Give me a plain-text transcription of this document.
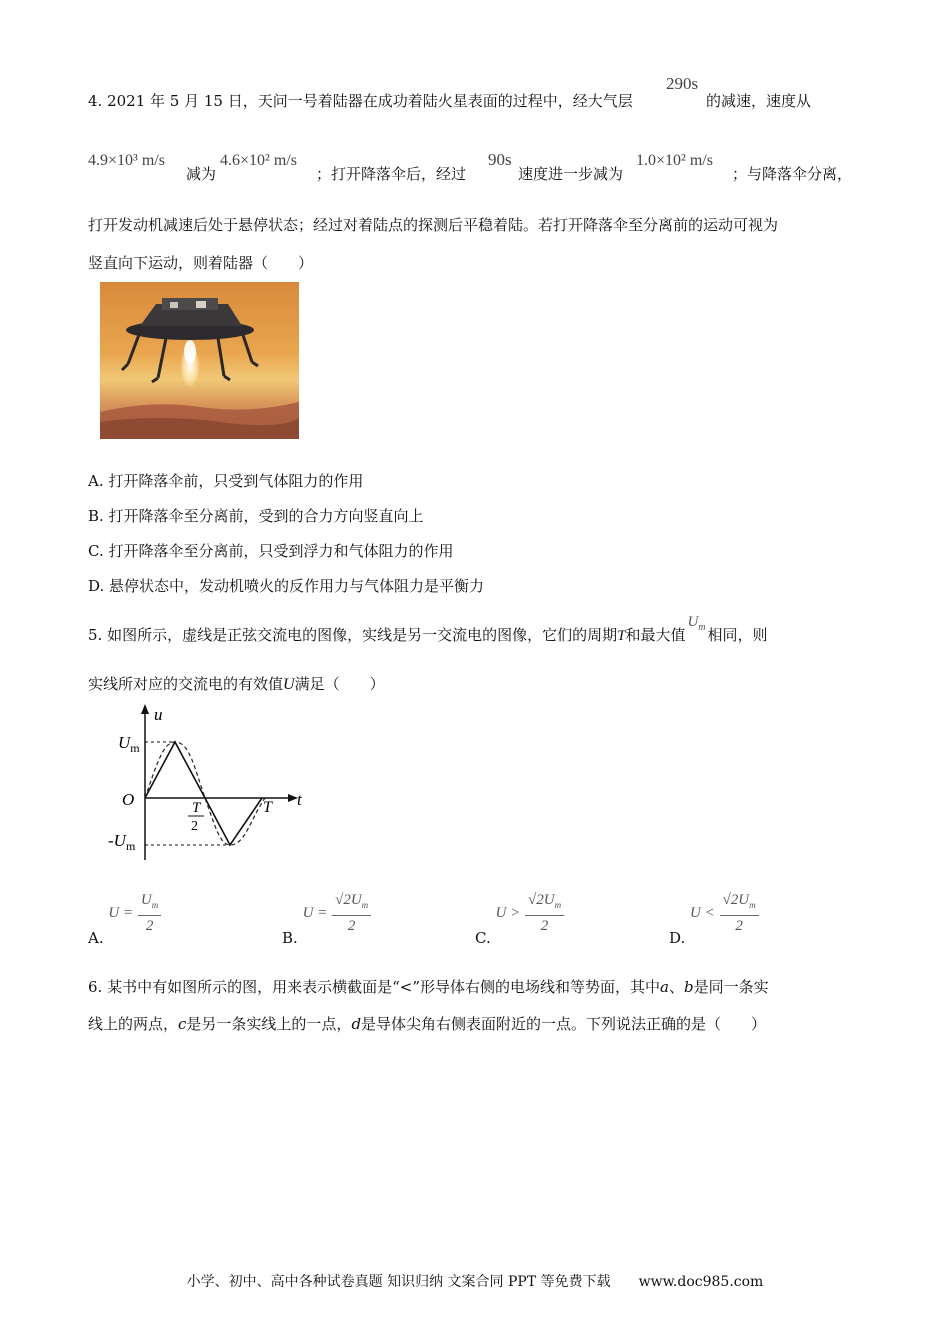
4. 2021 年 5 月 15 日，天问一号着陆器在成功着陆火星表面的过程中，经大气层
290s
的减速，速度从
4.9×10³ m/s
减为
4.6×10² m/s
；打开降落伞后，经过
90s
速度进一步减为
1.0×10² m/s
；与降落伞分离，
打开发动机减速后处于悬停状态；经过对着陆点的探测后平稳着陆。若打开降落伞至分离前的运动可视为
竖直向下运动，则着陆器（　　）
A. 打开降落伞前，只受到气体阻力的作用
B. 打开降落伞至分离前，受到的合力方向竖直向上
C. 打开降落伞至分离前，只受到浮力和气体阻力的作用
D. 悬停状态中，发动机喷火的反作用力与气体阻力是平衡力
5. 如图所示，虚线是正弦交流电的图像，实线是另一交流电的图像，它们的周期T和最大值$U_m$ 相同，则
实线所对应的交流电的有效值U满足（　　）
u
t
O
$U_m$
$-U_m$
T
2
T
A. $U = \frac{U_m}{2}$
B. $U = \frac{√2U_m}{2}$
C. $U > \frac{√2U_m}{2}$
D. $U < \frac{√2U_m}{2}$
6. 某书中有如图所示的图，用来表示横截面是“<”形导体右侧的电场线和等势面，其中a、b是同一条实
线上的两点，c是另一条实线上的一点，d是导体尖角右侧表面附近的一点。下列说法正确的是（　　）
小学、初中、高中各种试卷真题 知识归纳 文案合同 PPT 等免费下载　　www.doc985.com
